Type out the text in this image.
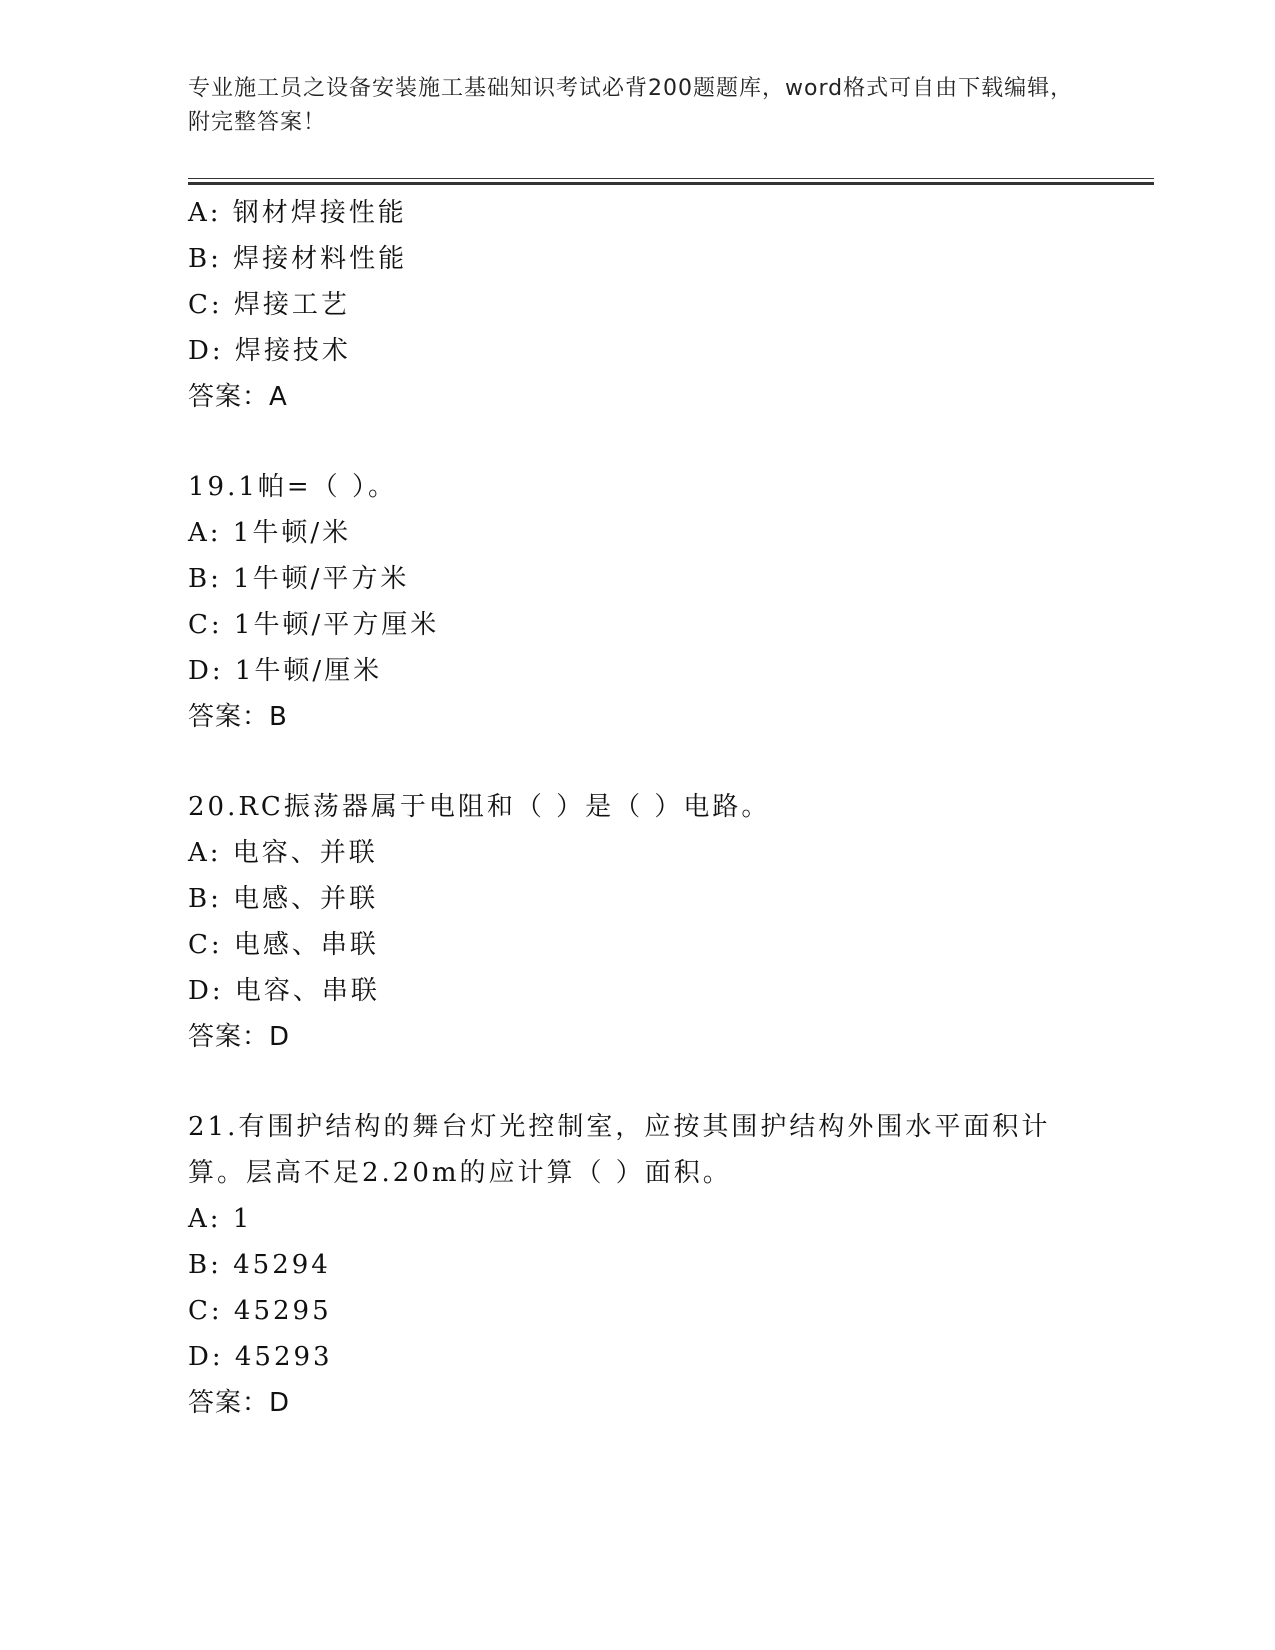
专业施工员之设备安装施工基础知识考试必背200题题库，word格式可自由下载编辑，附完整答案！
A: 钢材焊接性能
B: 焊接材料性能
C: 焊接工艺
D: 焊接技术
答案：A
19.1帕=（ ）。
A: 1牛顿/米
B: 1牛顿/平方米
C: 1牛顿/平方厘米
D: 1牛顿/厘米
答案：B
20.RC振荡器属于电阻和（ ）是（ ）电路。
A: 电容、并联
B: 电感、并联
C: 电感、串联
D: 电容、串联
答案：D
21.有围护结构的舞台灯光控制室，应按其围护结构外围水平面积计算。层高不足2.20m的应计算（ ）面积。
A: 1
B: 45294
C: 45295
D: 45293
答案：D
